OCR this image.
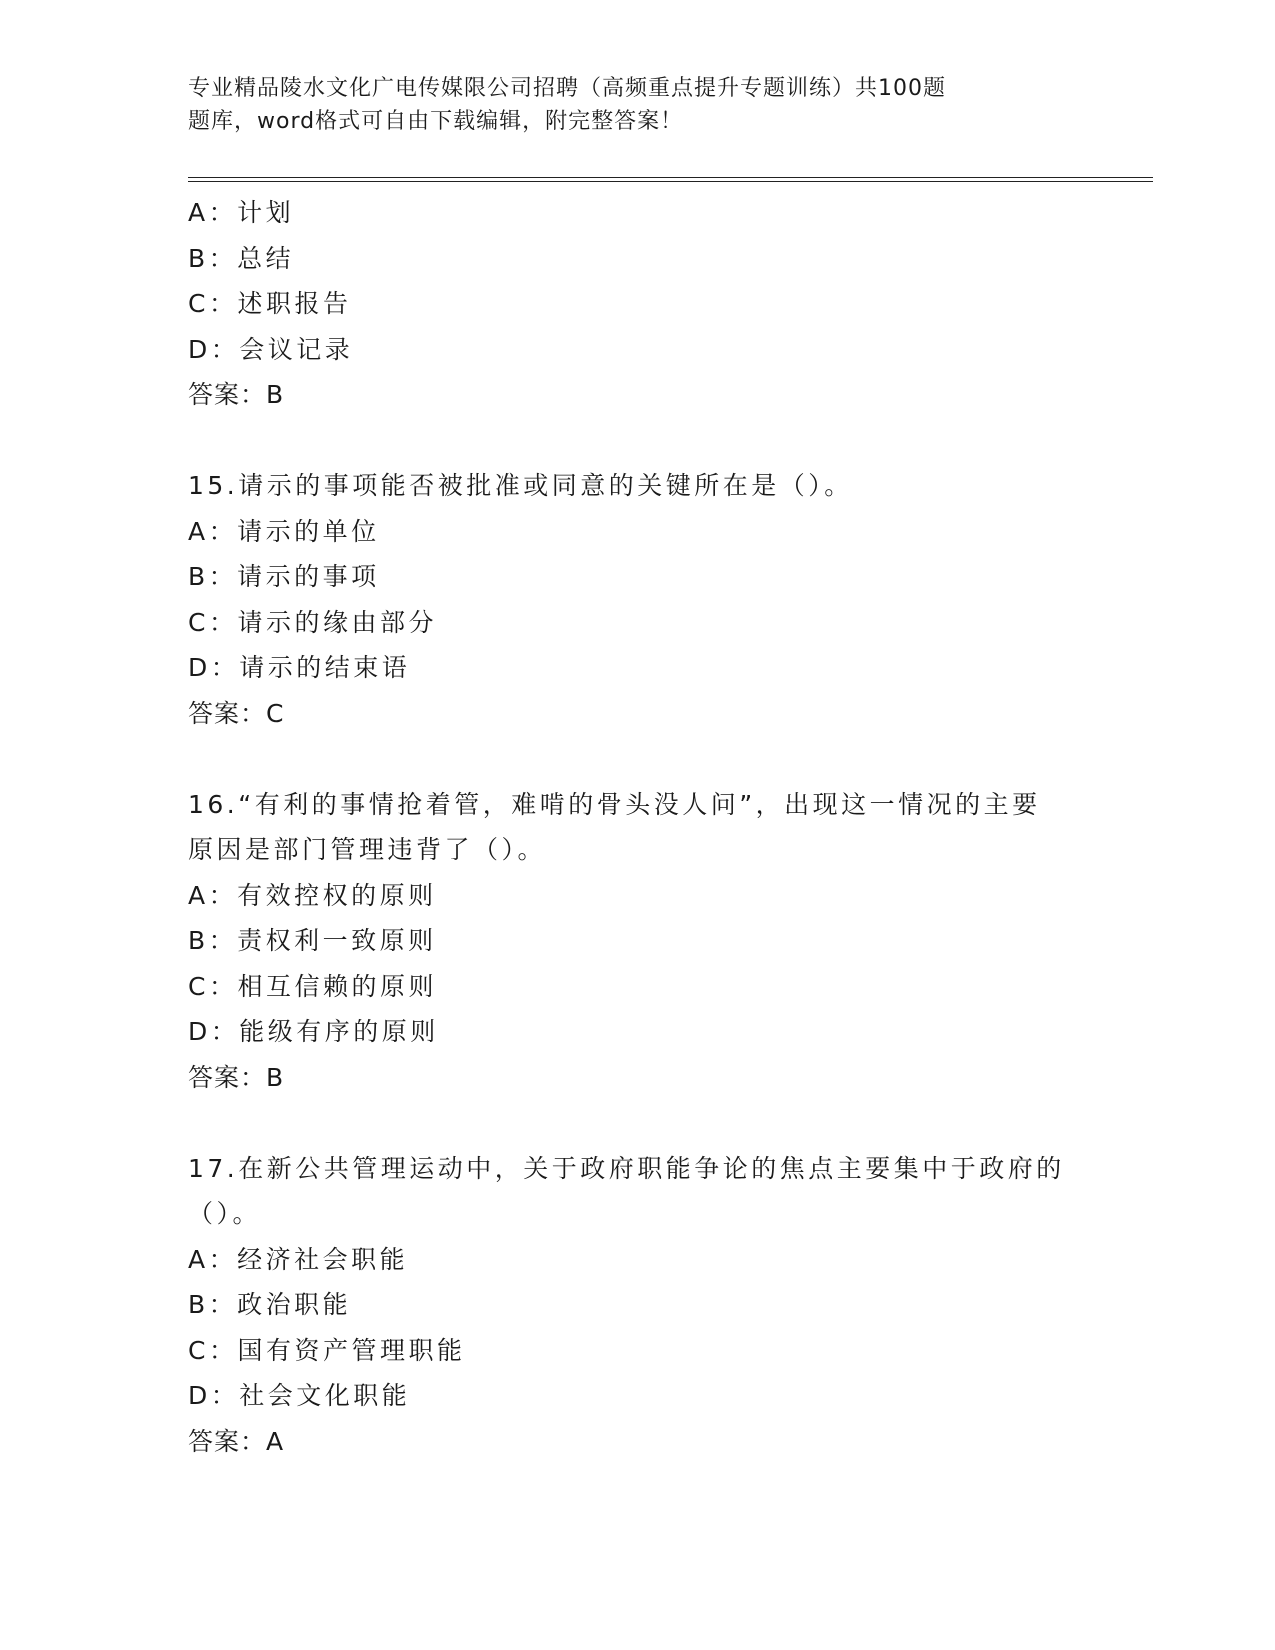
专业精品陵水文化广电传媒限公司招聘（高频重点提升专题训练）共100题
题库，word格式可自由下载编辑，附完整答案！
A：计划
B：总结
C：述职报告
D：会议记录
答案：B
15.请示的事项能否被批准或同意的关键所在是（）。
A：请示的单位
B：请示的事项
C：请示的缘由部分
D：请示的结束语
答案：C
16.“有利的事情抢着管，难啃的骨头没人问”，出现这一情况的主要
原因是部门管理违背了（）。
A：有效控权的原则
B：责权利一致原则
C：相互信赖的原则
D：能级有序的原则
答案：B
17.在新公共管理运动中，关于政府职能争论的焦点主要集中于政府的
（）。
A：经济社会职能
B：政治职能
C：国有资产管理职能
D：社会文化职能
答案：A
